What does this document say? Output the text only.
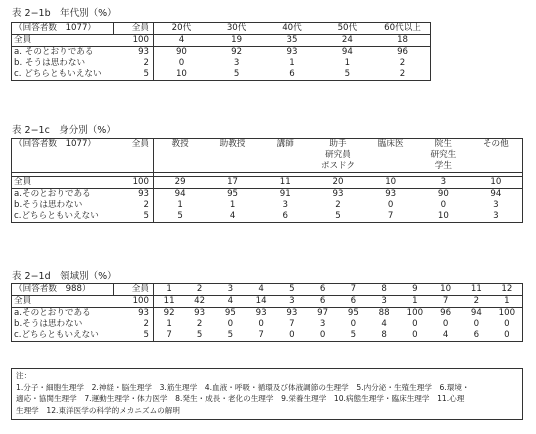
表 2−1b　年代別（%）
（回答者数　1077）	全員	20代	30代	40代	50代	60代以上
全員	100	4	19	35	24	18
a. そのとおりである	93	90	92	93	94	96
b. そうは思わない	2	0	3	1	1	2
c. どちらともいえない	5	10	5	6	5	2
表 2−1c　身分別（%）
（回答者数　1077）	全員	教授	助教授	講師	助手	臨床医	院生	その他
					研究員		研究生	
					ポスドク		学生	

全員	100	29	17	11	20	10	3	10
a.そのとおりである	93	94	95	91	93	93	90	94
b.そうは思わない	2	1	1	3	2	0	0	3
c.どちらともいえない	5	5	4	6	5	7	10	3
表 2−1d　領域別（%）
（回答者数　988）	全員	1	2	3	4	5	6	7	8	9	10	11	12
全員	100	11	42	4	14	3	6	6	3	1	7	2	1
a.そのとおりである	93	92	93	95	93	93	97	95	88	100	96	94	100
b.そうは思わない	2	1	2	0	0	7	3	0	4	0	0	0	0
c.どちらともいえない	5	7	5	5	7	0	0	5	8	0	4	6	0
注：
1.分子・細胞生理学　2.神経・脳生理学　3.筋生理学　4.血液・呼吸・循環及び体液調節の生理学　5.内分泌・生殖生理学　6.環境・
適応・協関生理学　7.運動生理学・体力医学　8.発生・成長・老化の生理学　9.栄養生理学　10.病態生理学・臨床生理学　11.心理
生理学　12.東洋医学の科学的メカニズムの解明
